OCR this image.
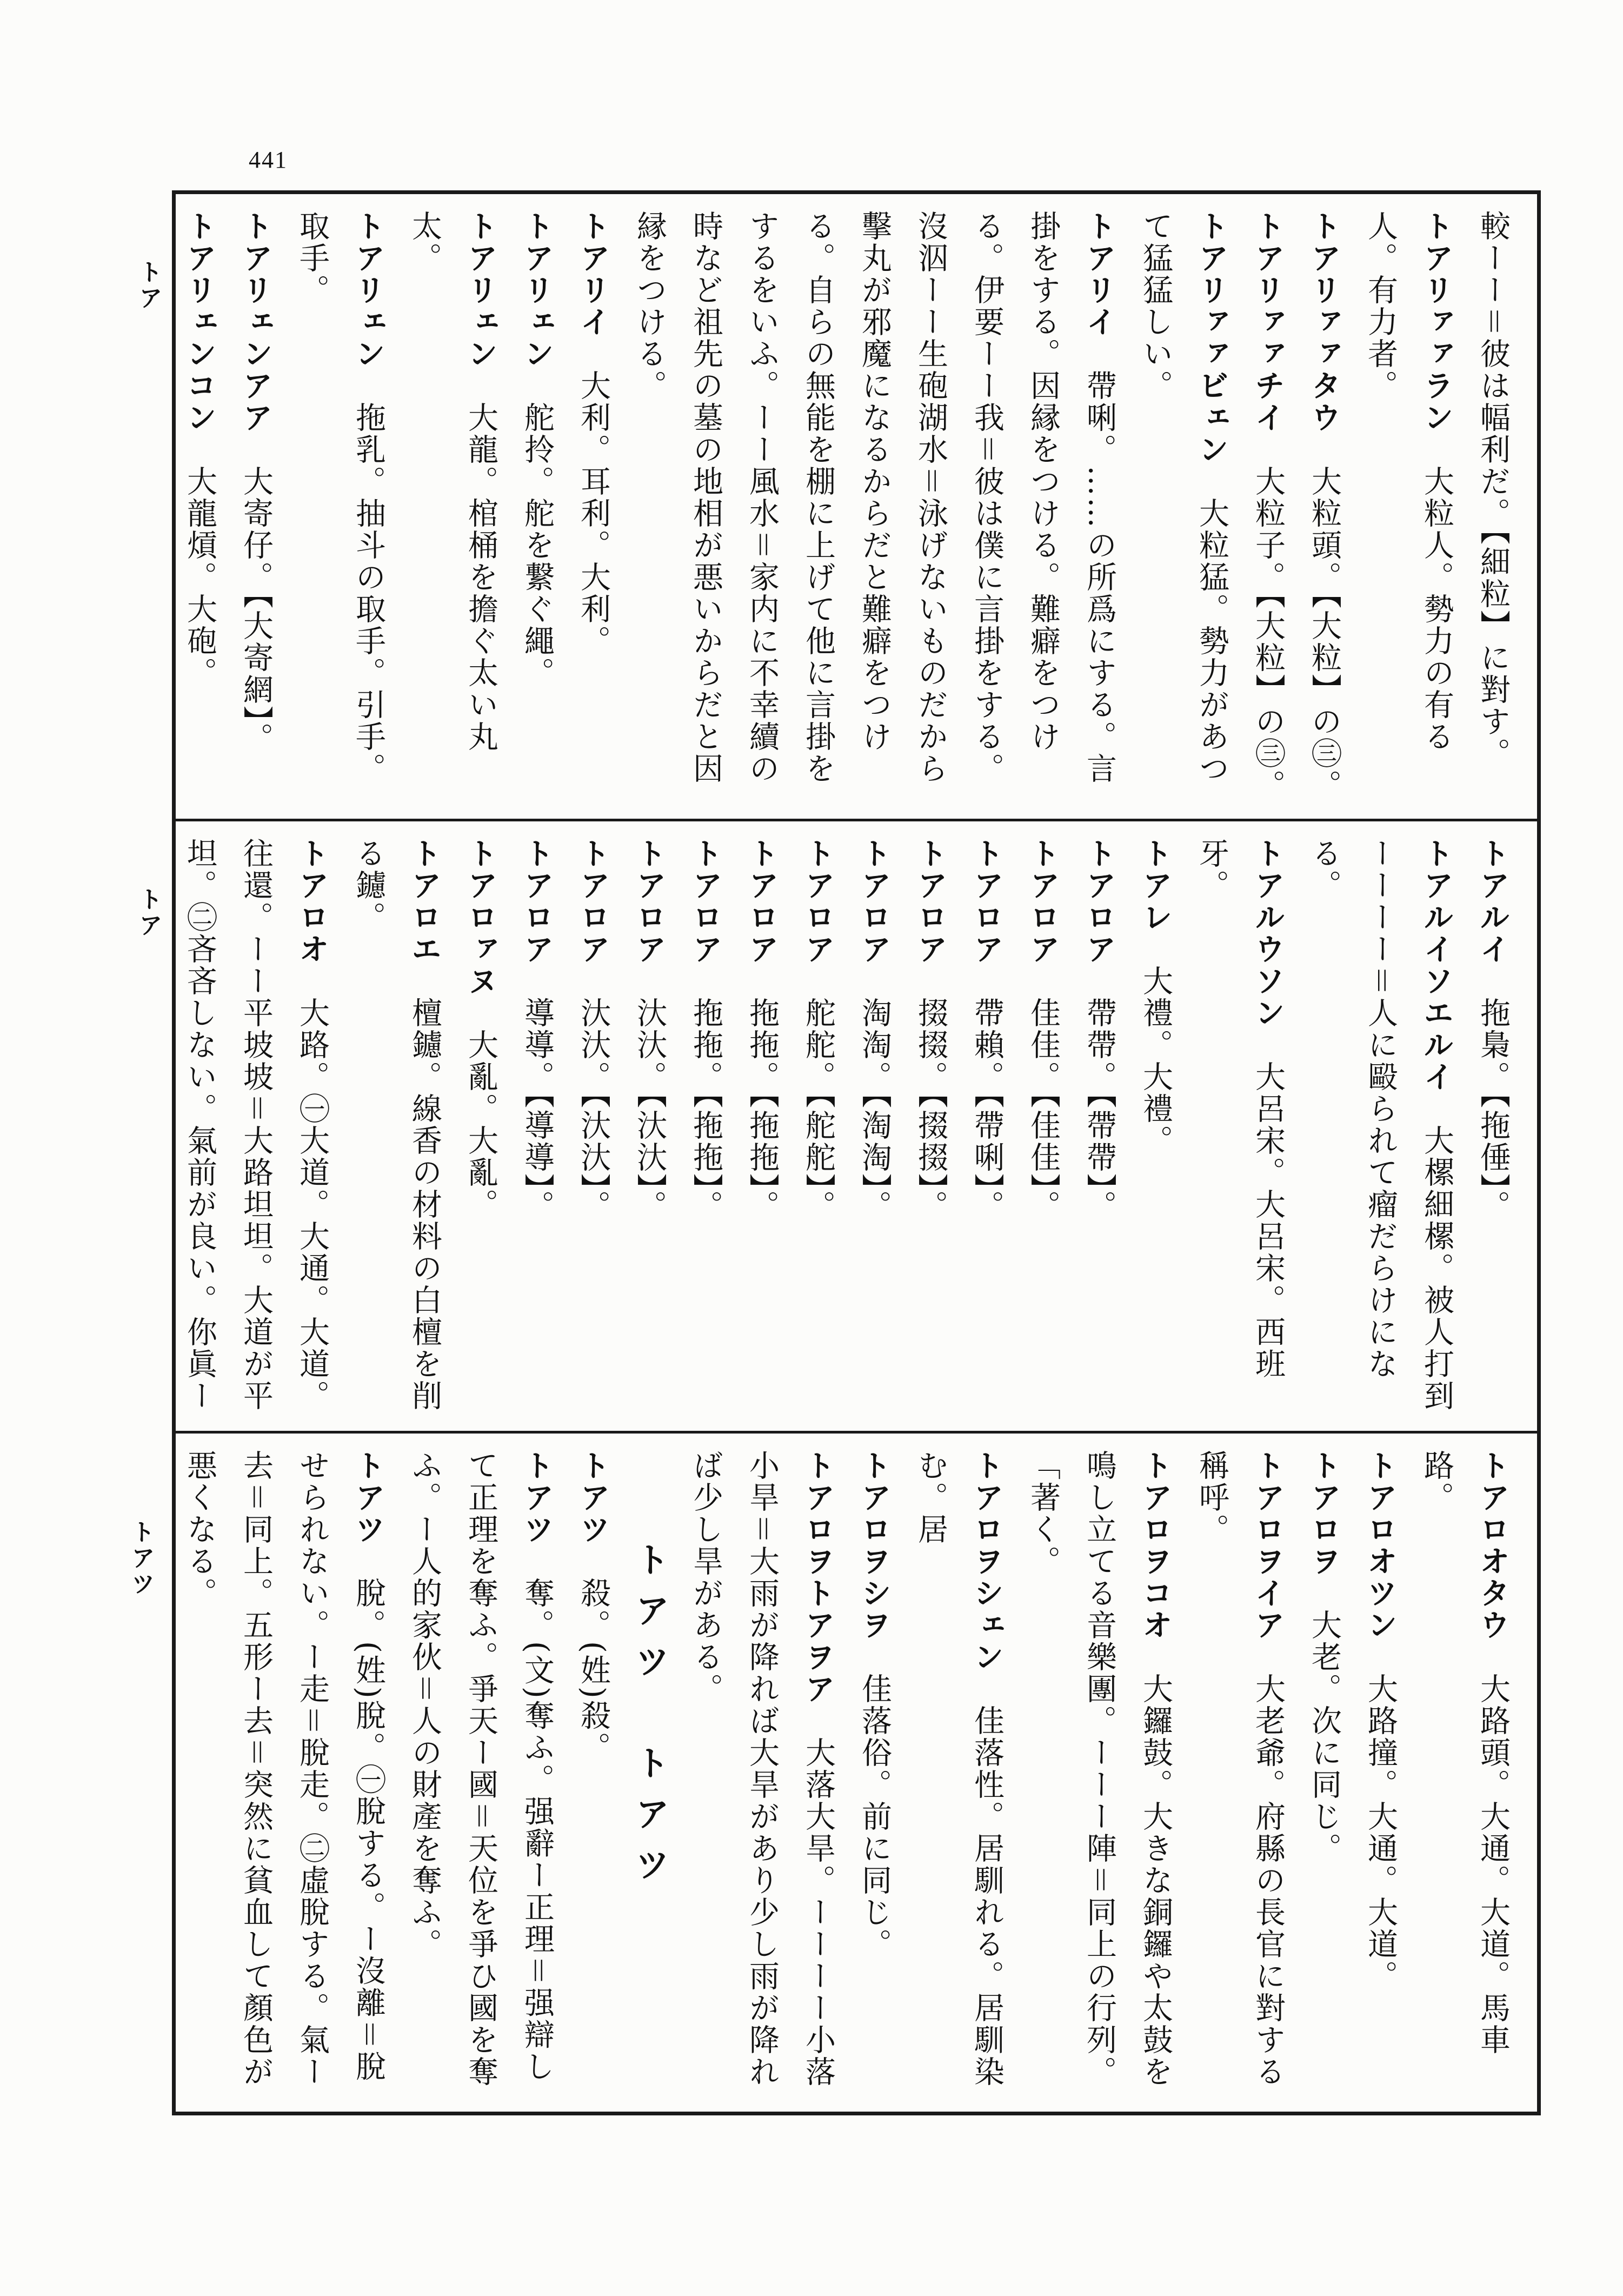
441
トア
トア
トアツ

較ーー＝彼は幅利だ。【細粒】に對す。

トアリァァラン大粒人。勢力の有る人。有力者。

トアリァァタウ大粒頭。【大粒】の㊂。

トアリァァチイ大粒子。【大粒】の㊂。

トアリァァビェン大粒猛。勢力があつて猛猛しい。

トアリイ帶唎。……の所爲にする。言掛をする。因縁をつける。難癖をつける。伊要ーー我＝彼は僕に言掛をする。沒泅ーー生砲湖水＝泳げないものだから擊丸が邪魔になるからだと難癖をつける。自らの無能を棚に上げて他に言掛をするをいふ。ーー風水＝家内に不幸續の時など祖先の墓の地相が悪いからだと因縁をつける。

トアリイ大利。耳利。大利。

トアリェン舵拎。舵を繋ぐ繩。

トアリェン大龍。棺桶を擔ぐ太い丸太。

トアリェン拖乳。抽斗の取手。引手。取手。

トアリェンアア大寄仔。【大寄網】。

トアリェンコン大龍熕。大砲。

トアルイ拖梟。【拖倕】。

トアルイソエルイ大樏細樏。被人打到ーーーー＝人に毆られて瘤だらけになる。

トアルウソン大呂宋。大呂宋。西班牙。

トアレ大禮。大禮。

トアロア帶帶。【帶帶】。

トアロア佳佳。【佳佳】。

トアロア帶賴。【帶唎】。

トアロア掇掇。【掇掇】。

トアロア淘淘。【淘淘】。

トアロア舵舵。【舵舵】。

トアロア拖拖。【拖拖】。

トアロア拖拖。【拖拖】。

トアロア汏汏。【汏汏】。

トアロア汏汏。【汏汏】。

トアロア導導。【導導】。

トアロァヌ大亂。大亂。

トアロエ檀鑢。線香の材料の白檀を削る鑢。

トアロオ大路。㊀大道。大通。大道。往還。ーー平坡坡＝大路坦坦。大道が平坦。㊁吝吝しない。氣前が良い。你眞ー

トアロオタウ大路頭。大通。大道。馬車路。

トアロオツン大路撞。大通。大道。

トアロヲ大老。次に同じ。

トアロヲイア大老爺。府縣の長官に對する稱呼。

トアロヲコオ大鑼鼓。大きな銅鑼や太鼓を鳴し立てる音樂團。ーーー陣＝同上の行列。「著く。

トアロヲシェン佳落性。居馴れる。居馴染む。居

トアロヲシヲ佳落俗。前に同じ。

トアロヲトアヲア大落大旱。ーーーー小落小旱＝大雨が降れば大旱があり少し雨が降れば少し旱がある。

トアツ　トアツ

トアツ殺。(姓)殺。

トアツ奪。(文)奪ふ。强辭ー正理＝强辯して正理を奪ふ。爭天ー國＝天位を爭ひ國を奪ふ。ー人的家伙＝人の財產を奪ふ。

トアツ脫。(姓)脫。㊀脫する。ー沒離＝脫せられない。ー走＝脫走。㊁虛脫する。氣ー去＝同上。五形ー去＝突然に貧血して顏色が悪くなる。
